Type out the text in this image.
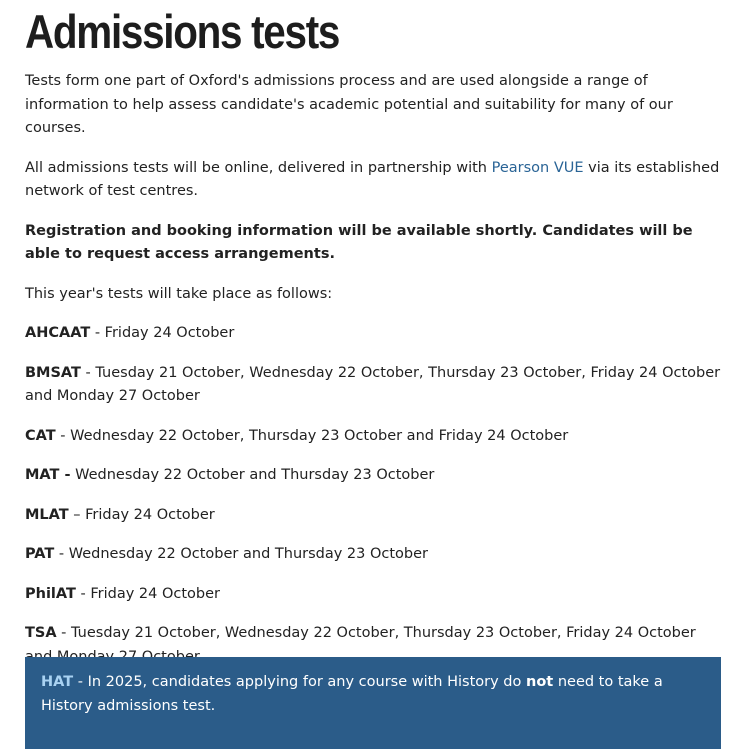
Admissions tests

Tests form one part of Oxford's admissions process and are used alongside a range of information to help assess candidate's academic potential and suitability for many of our courses.

All admissions tests will be online, delivered in partnership with Pearson VUE via its established network of test centres.

Registration and booking information will be available shortly. Candidates will be able to request access arrangements.

This year's tests will take place as follows:

AHCAAT - Friday 24 October
BMSAT - Tuesday 21 October, Wednesday 22 October, Thursday 23 October, Friday 24 October and Monday 27 October
CAT - Wednesday 22 October, Thursday 23 October and Friday 24 October
MAT - Wednesday 22 October and Thursday 23 October
MLAT – Friday 24 October
PAT - Wednesday 22 October and Thursday 23 October
PhilAT - Friday 24 October
TSA - Tuesday 21 October, Wednesday 22 October, Thursday 23 October, Friday 24 October
HAT - In 2025, candidates applying for any course with History do not need to take a History admissions test.
